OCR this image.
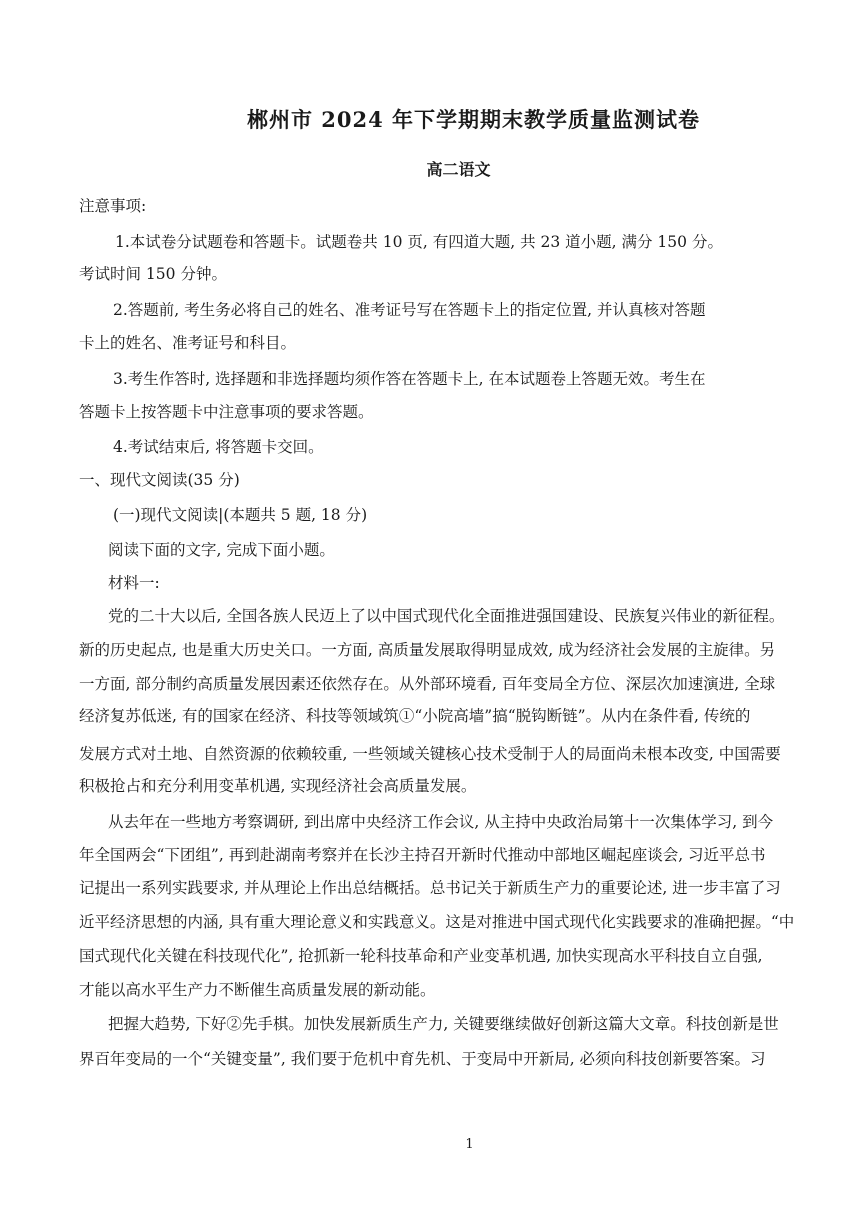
郴州市 2024 年下学期期末教学质量监测试卷
高二语文
注意事项:
1.本试卷分试题卷和答题卡。试题卷共 10 页, 有四道大题, 共 23 道小题, 满分 150 分。
考试时间 150 分钟。
2.答题前, 考生务必将自己的姓名、准考证号写在答题卡上的指定位置, 并认真核对答题
卡上的姓名、准考证号和科目。
3.考生作答时, 选择题和非选择题均须作答在答题卡上, 在本试题卷上答题无效。考生在
答题卡上按答题卡中注意事项的要求答题。
4.考试结束后, 将答题卡交回。
一、现代文阅读(35 分)
(一)现代文阅读|(本题共 5 题, 18 分)
阅读下面的文字, 完成下面小题。
材料一:
党的二十大以后, 全国各族人民迈上了以中国式现代化全面推进强国建设、民族复兴伟业的新征程。
新的历史起点, 也是重大历史关口。一方面, 高质量发展取得明显成效, 成为经济社会发展的主旋律。另
一方面, 部分制约高质量发展因素还依然存在。从外部环境看, 百年变局全方位、深层次加速演进, 全球
经济复苏低迷, 有的国家在经济、科技等领域筑①“小院高墙”搞“脱钩断链”。从内在条件看, 传统的
发展方式对土地、自然资源的依赖较重, 一些领域关键核心技术受制于人的局面尚未根本改变, 中国需要
积极抢占和充分利用变革机遇, 实现经济社会高质量发展。
从去年在一些地方考察调研, 到出席中央经济工作会议, 从主持中央政治局第十一次集体学习, 到今
年全国两会“下团组”, 再到赴湖南考察并在长沙主持召开新时代推动中部地区崛起座谈会, 习近平总书
记提出一系列实践要求, 并从理论上作出总结概括。总书记关于新质生产力的重要论述, 进一步丰富了习
近平经济思想的内涵, 具有重大理论意义和实践意义。这是对推进中国式现代化实践要求的准确把握。“中
国式现代化关键在科技现代化”, 抢抓新一轮科技革命和产业变革机遇, 加快实现高水平科技自立自强,
才能以高水平生产力不断催生高质量发展的新动能。
把握大趋势, 下好②先手棋。加快发展新质生产力, 关键要继续做好创新这篇大文章。科技创新是世
界百年变局的一个“关键变量”, 我们要于危机中育先机、于变局中开新局, 必须向科技创新要答案。习
1
